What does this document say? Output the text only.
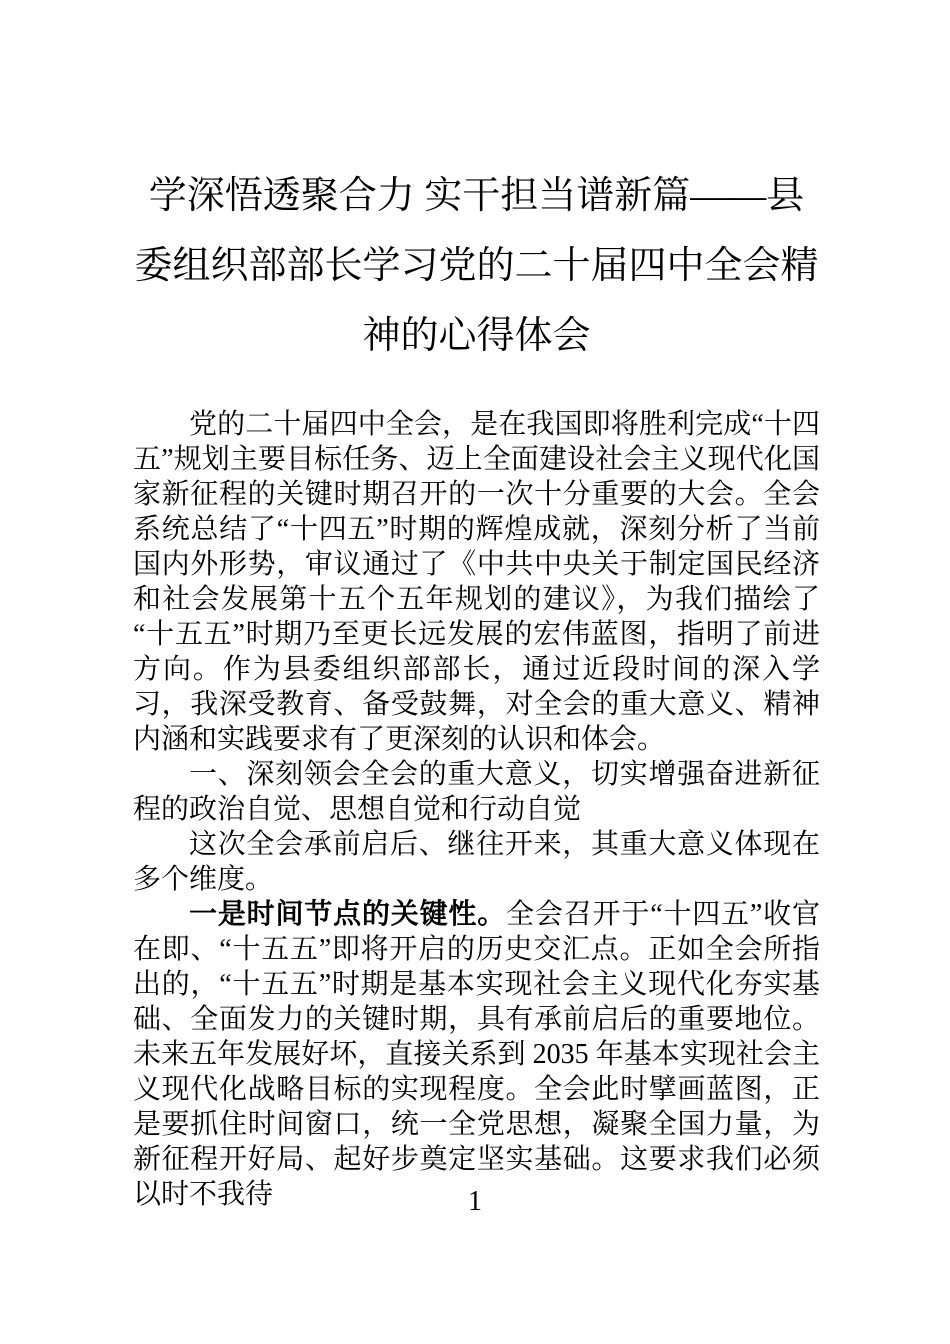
学深悟透聚合力 实干担当谱新篇——县委组织部部长学习党的二十届四中全会精神的心得体会

党的二十届四中全会，是在我国即将胜利完成“十四五”规划主要目标任务、迈上全面建设社会主义现代化国家新征程的关键时期召开的一次十分重要的大会。全会系统总结了“十四五”时期的辉煌成就，深刻分析了当前国内外形势，审议通过了《中共中央关于制定国民经济和社会发展第十五个五年规划的建议》，为我们描绘了“十五五”时期乃至更长远发展的宏伟蓝图，指明了前进方向。作为县委组织部部长，通过近段时间的深入学习，我深受教育、备受鼓舞，对全会的重大意义、精神内涵和实践要求有了更深刻的认识和体会。

一、深刻领会全会的重大意义，切实增强奋进新征程的政治自觉、思想自觉和行动自觉

这次全会承前启后、继往开来，其重大意义体现在多个维度。

一是时间节点的关键性。全会召开于“十四五”收官在即、“十五五”即将开启的历史交汇点。正如全会所指出的，“十五五”时期是基本实现社会主义现代化夯实基础、全面发力的关键时期，具有承前启后的重要地位。未来五年发展好坏，直接关系到 2035 年基本实现社会主义现代化战略目标的实现程度。全会此时擘画蓝图，正是要抓住时间窗口，统一全党思想，凝聚全国力量，为新征程开好局、起好步奠定坚实基础。这要求我们必须以时不我待	1
